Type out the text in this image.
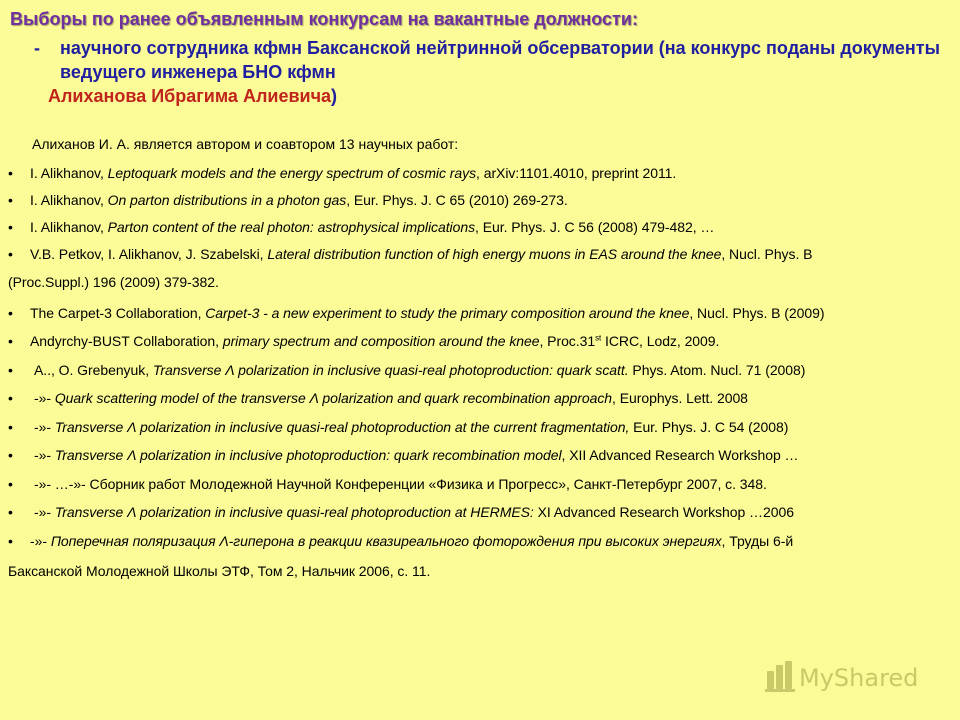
Выборы по ранее объявленным конкурсам на вакантные должности:
- научного сотрудника кфмн Баксанской нейтринной обсерватории (на конкурс поданы документы ведущего инженера БНО кфмн
Алиханова Ибрагима Алиевича)
Алиханов И. А. является автором и соавтором 13 научных работ:
• I. Alikhanov, Leptoquark models and the energy spectrum of cosmic rays, arXiv:1101.4010, preprint 2011.
• I. Alikhanov, On parton distributions in a photon gas, Eur. Phys. J. C 65 (2010) 269-273.
• I. Alikhanov, Parton content of the real photon: astrophysical implications, Eur. Phys. J. C 56 (2008) 479-482, …
• V.B. Petkov, I. Alikhanov, J. Szabelski, Lateral distribution function of high energy muons in EAS around the knee, Nucl. Phys. B
(Proc.Suppl.) 196 (2009) 379-382.
• The Carpet-3 Collaboration, Carpet-3 - a new experiment to study the primary composition around the knee, Nucl. Phys. B (2009)
• Andyrchy-BUST Collaboration, primary spectrum and composition around the knee, Proc.31st ICRC, Lodz, 2009.
• A.., O. Grebenyuk, Transverse Λ polarization in inclusive quasi-real photoproduction: quark scatt. Phys. Atom. Nucl. 71 (2008)
• -»- Quark scattering model of the transverse Λ polarization and quark recombination approach, Europhys. Lett. 2008
• -»- Transverse Λ polarization in inclusive quasi-real photoproduction at the current fragmentation, Eur. Phys. J. C 54 (2008)
• -»- Transverse Λ polarization in inclusive photoproduction: quark recombination model, XII Advanced Research Workshop …
• -»- …-»- Сборник работ Молодежной Научной Конференции «Физика и Прогресс», Санкт-Петербург 2007, с. 348.
• -»- Transverse Λ polarization in inclusive quasi-real photoproduction at HERMES: XI Advanced Research Workshop …2006
• -»- Поперечная поляризация Λ-гиперона в реакции квазиреального фоторождения при высоких энергиях, Труды 6-й
Баксанской Молодежной Школы ЭТФ, Том 2, Нальчик 2006, с. 11.
MyShared
